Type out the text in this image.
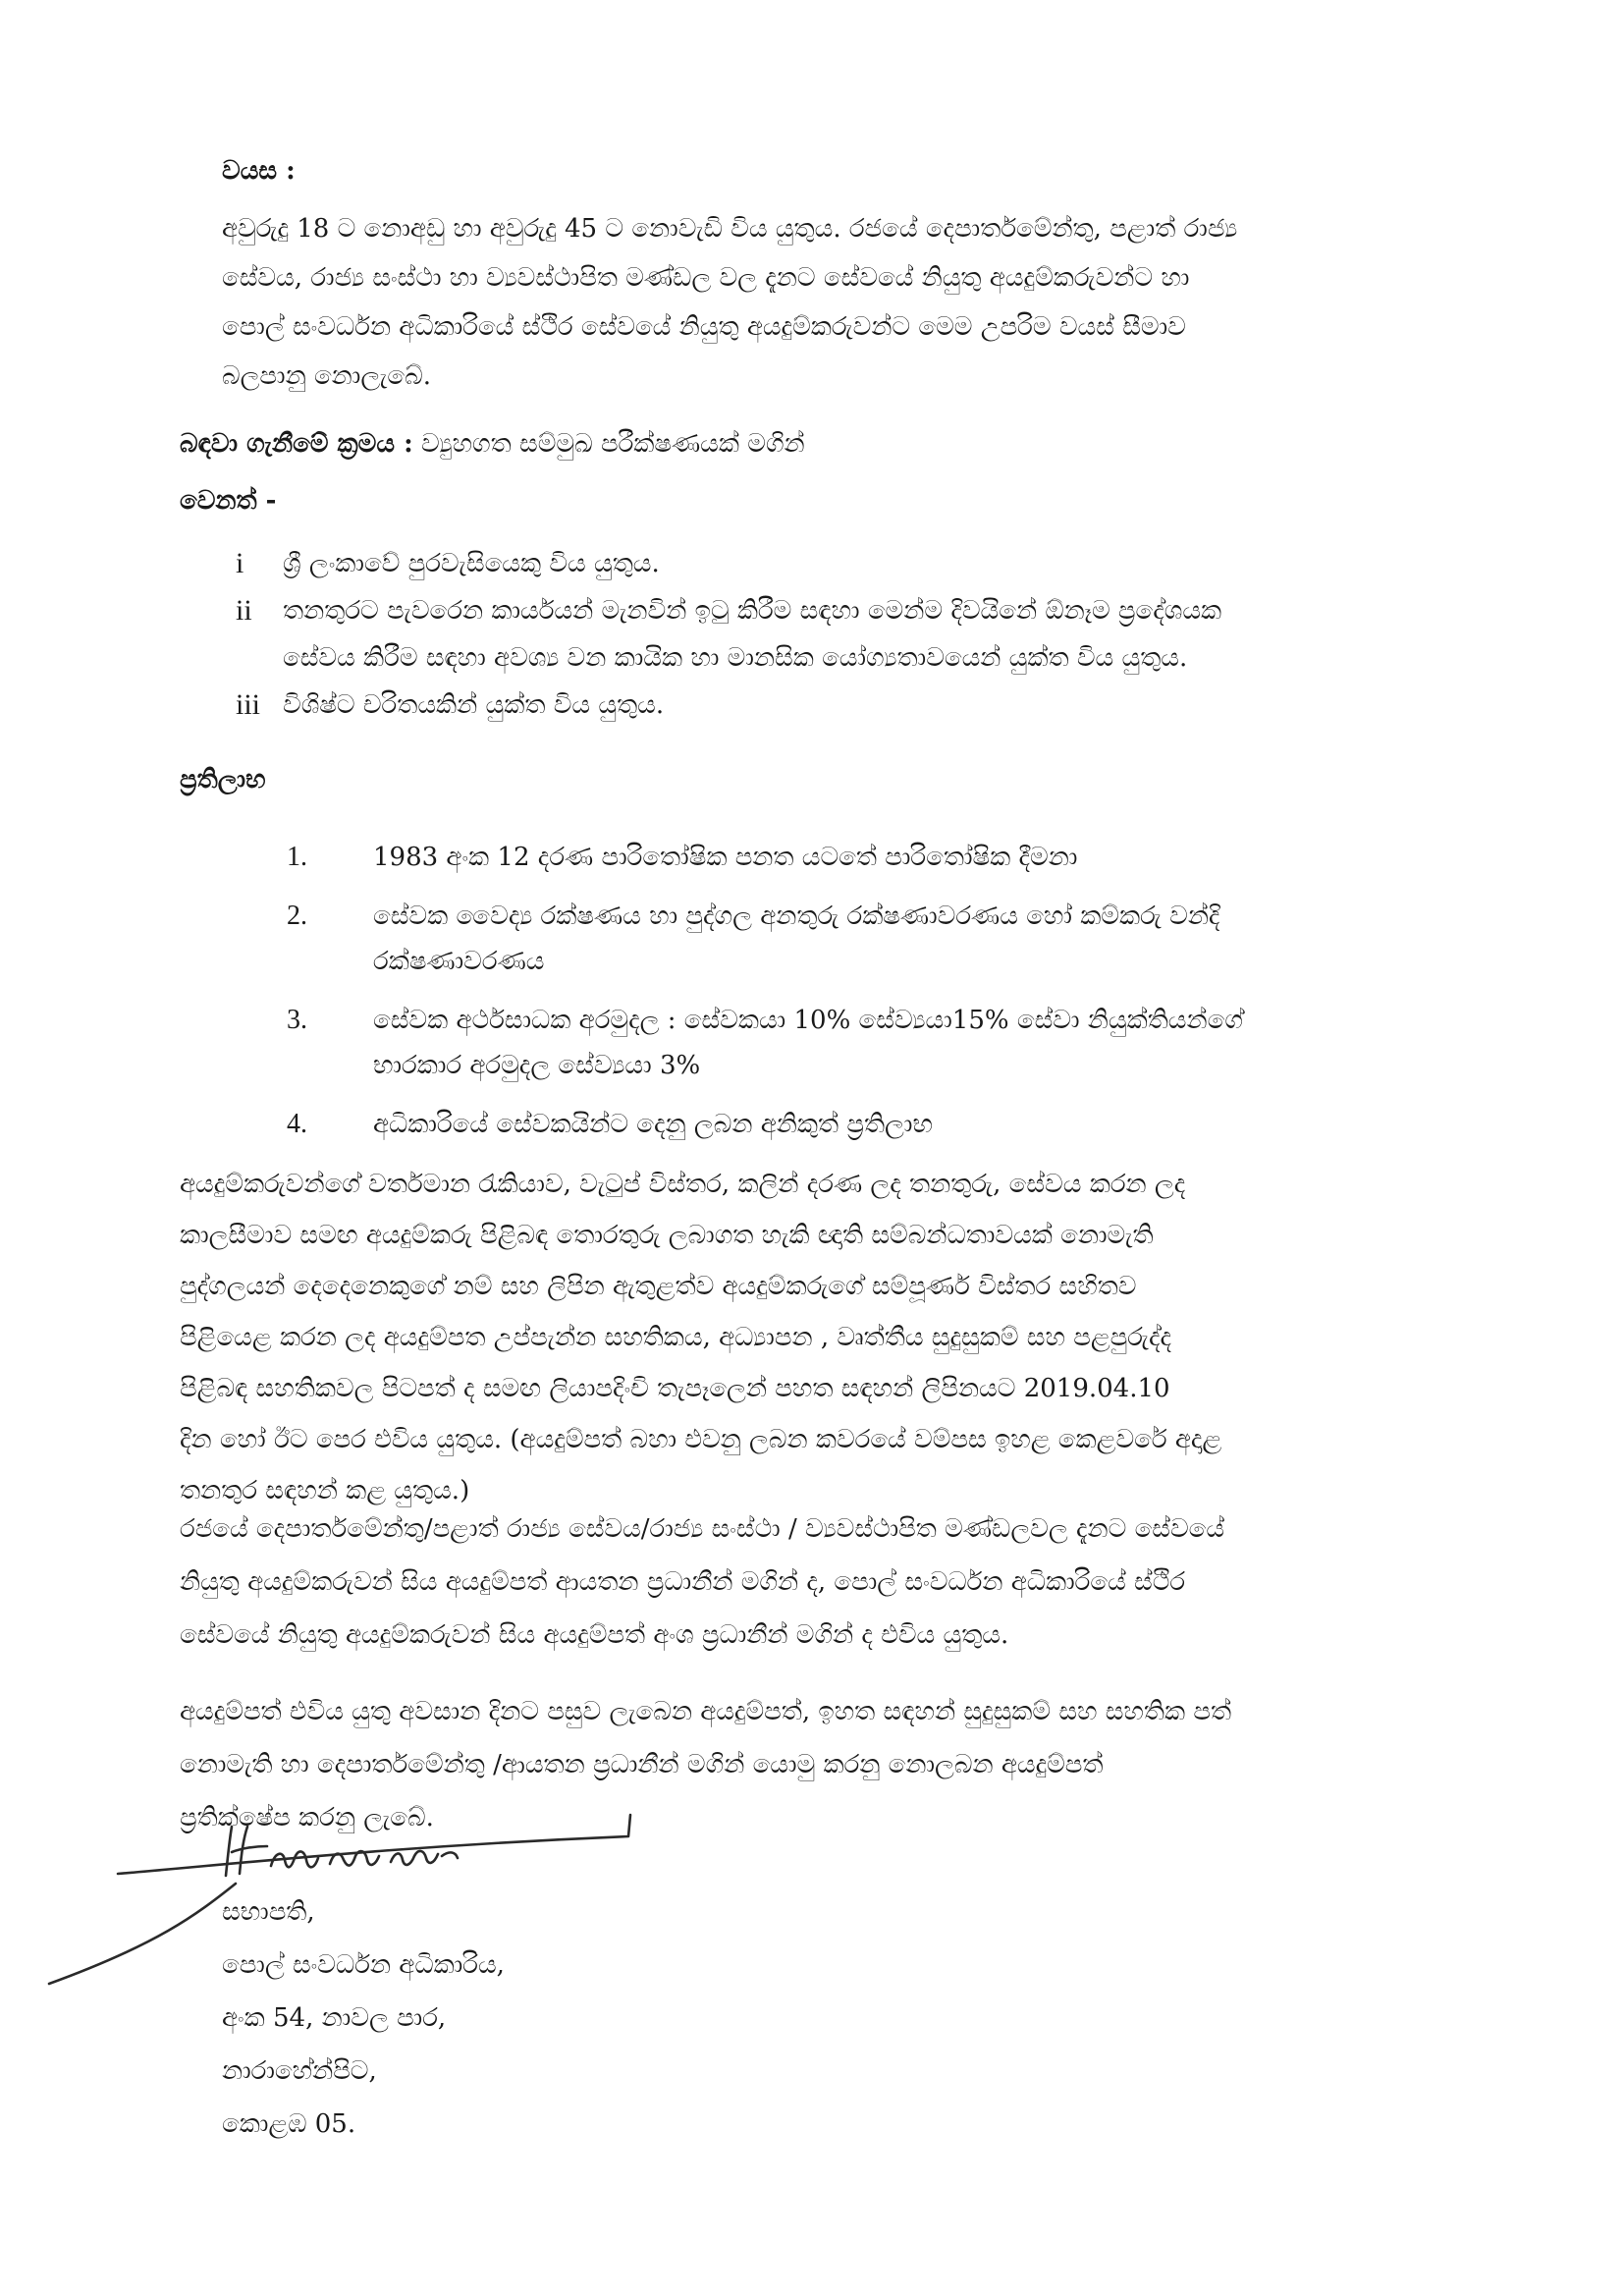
වයස :
අවුරුදු 18 ට නොඅඩු හා අවුරුදු 45 ට නොවැඩි විය යුතුය. රජයේ දෙපාර්තමේන්තු, පළාත් රාජ්‍ය
සේවය, රාජ්‍ය සංස්ථා හා ව්‍යවස්ථාපිත මණ්ඩල වල දැනට සේවයේ නියුතු අයදුම්කරුවන්ට හා
පොල් සංවර්ධන අධිකාරියේ ස්ථිර සේවයේ නියුතු අයදුම්කරුවන්ට මෙම උපරිම වයස් සීමාව
බලපානු නොලැබේ.
බඳවා ගැනීමේ ක්‍රමය : ව්‍යුහගත සම්මුඛ පරීක්ෂණයක් මගින්
වෙනත් -
i ශ්‍රී ලංකාවේ පුරවැසියෙකු විය යුතුය.
ii තනතුරට පැවරෙන කාර්යයන් මැනවින් ඉටු කිරීම සඳහා මෙන්ම දිවයිනේ ඕනෑම ප්‍රදේශයක
සේවය කිරීම සඳහා අවශ්‍ය වන කායික හා මානසික යෝග්‍යතාවයෙන් යුක්ත විය යුතුය.
iii විශිෂ්ට චරිතයකින් යුක්ත විය යුතුය.
ප්‍රතිලාභ
1.	1983 අංක 12 දරණ පාරිතෝෂික පනත යටතේ පාරිතෝෂික දීමනා
2.	සේවක වෛද්‍ය රක්ෂණය හා පුද්ගල අනතුරු රක්ෂණාවරණය හෝ කම්කරු වන්දි
රක්ෂණාවරණය
3.	සේවක අර්ථසාධක අරමුදල : සේවකයා 10% සේව්‍යයා15% සේවා නියුක්තියන්ගේ
භාරකාර අරමුදල සේව්‍යයා 3%
4.	අධිකාරියේ සේවකයින්ට දෙනු ලබන අනිකුත් ප්‍රතිලාභ
අයදුම්කරුවන්ගේ වර්තමාන රැකියාව, වැටුප් විස්තර, කලින් දරණ ලද තනතුරු, සේවය කරන ලද
කාලසීමාව සමඟ අයදුම්කරු පිළිබඳ තොරතුරු ලබාගත හැකි ඥාති සම්බන්ධතාවයක් නොමැති
පුද්ගලයන් දෙදෙනෙකුගේ නම් සහ ලිපින ඇතුළත්ව අයදුම්කරුගේ සම්පූර්ණ විස්තර සහිතව
පිළියෙළ කරන ලද අයදුම්පත උප්පැන්න සහතිකය, අධ්‍යාපන , වෘත්තීය සුදුසුකම් සහ පළපුරුද්ද
පිළිබඳ සහතිකවල පිටපත් ද සමඟ ලියාපදිංචි තැපෑලෙන් පහත සඳහන් ලිපිනයට 2019.04.10
දින හෝ ඊට පෙර එවිය යුතුය. (අයදුම්පත් බහා එවනු ලබන කවරයේ වම්පස ඉහළ කෙළවරේ අදාළ
තනතුර සඳහන් කළ යුතුය.)
රජයේ දෙපාර්තමේන්තු/පළාත් රාජ්‍ය සේවය/රාජ්‍ය සංස්ථා / ව්‍යවස්ථාපිත මණ්ඩලවල දැනට සේවයේ
නියුතු අයදුම්කරුවන් සිය අයදුම්පත් ආයතන ප්‍රධානීන් මගින් ද, පොල් සංවර්ධන අධිකාරියේ ස්ථිර
සේවයේ නියුතු අයදුම්කරුවන් සිය අයදුම්පත් අංශ ප්‍රධානීන් මගින් ද එවිය යුතුය.
අයදුම්පත් එවිය යුතු අවසාන දිනට පසුව ලැබෙන අයදුම්පත්, ඉහත සඳහන් සුදුසුකම් සහ සහතික පත්
නොමැති හා දෙපාර්තමේන්තු /ආයතන ප්‍රධානීන් මගින් යොමු කරනු නොලබන අයදුම්පත්
ප්‍රතික්ෂේප කරනු ලැබේ.
සභාපති,
පොල් සංවර්ධන අධිකාරිය,
අංක 54, නාවල පාර,
නාරාහේන්පිට,
කොළඹ 05.
